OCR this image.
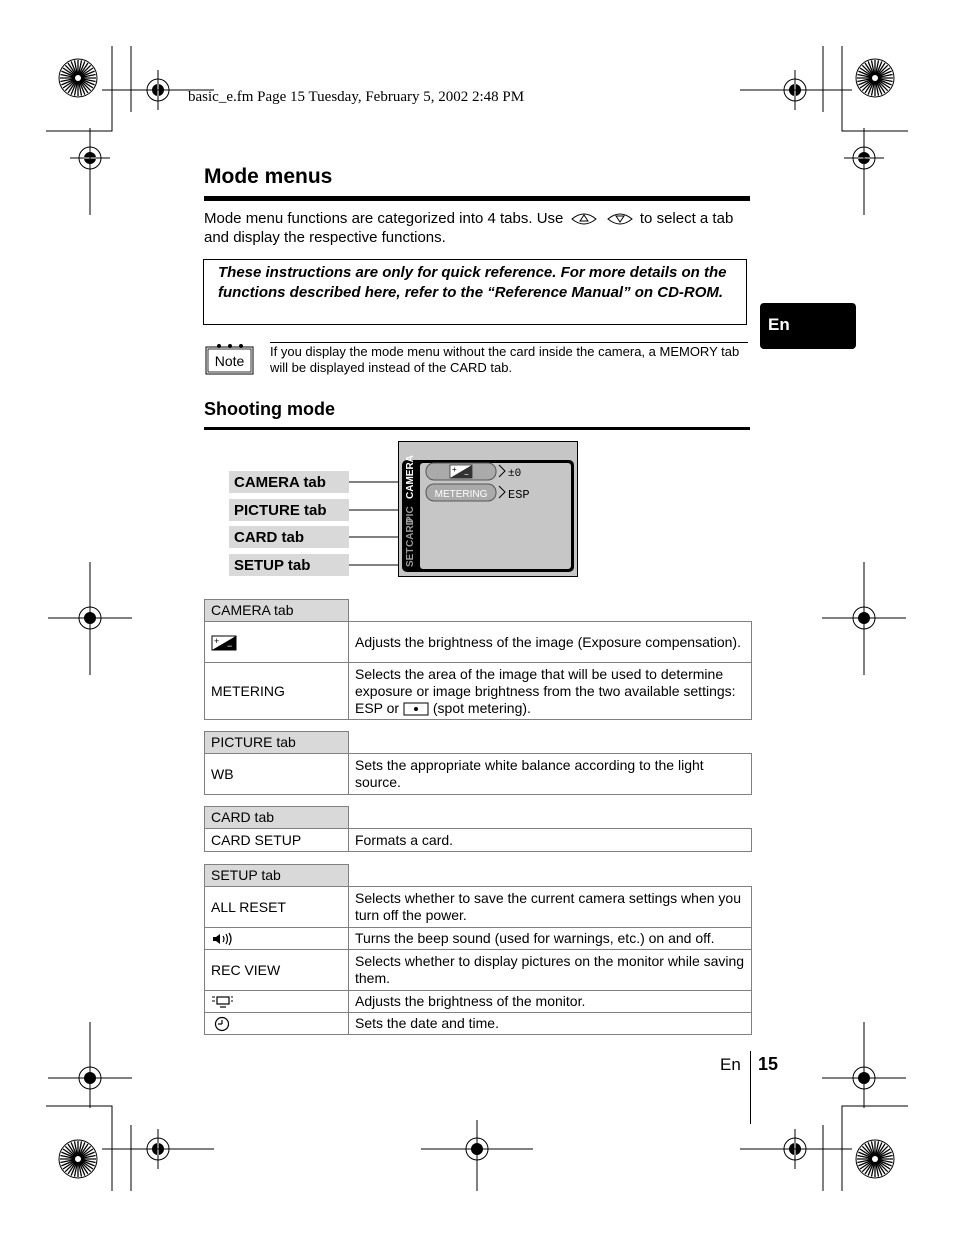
basic_e.fm Page 15 Tuesday, February 5, 2002 2:48 PM
Mode menus
Mode menu functions are categorized into 4 tabs. Use	to select a tab and display the respective functions.
These instructions are only for quick reference. For more details on the functions described here, refer to the “Reference Manual” on CD-ROM.
En
Note
If you display the mode menu without the card inside the camera, a MEMORY tab will be displayed instead of the CARD tab.
Shooting mode
CAMERA tab
PICTURE tab
CARD tab
SETUP tab
CAMERA
PIC
CARD
SET
+
−	±0
METERING ESP
CAMERA tab	

+ −	Adjusts the brightness of the image (Exposure compensation).
METERING	Selects the area of the image that will be used to determine exposure or image brightness from the two available settings: ESP or (spot metering).
PICTURE tab	
WB	Sets the appropriate white balance according to the light source.
CARD tab	
CARD SETUP	Formats a card.
SETUP tab	
ALL RESET	Selects whether to save the current camera settings when you turn off the power.
	Turns the beep sound (used for warnings, etc.) on and off.
REC VIEW	Selects whether to display pictures on the monitor while saving them.
	Adjusts the brightness of the monitor.
	Sets the date and time.
En 15
